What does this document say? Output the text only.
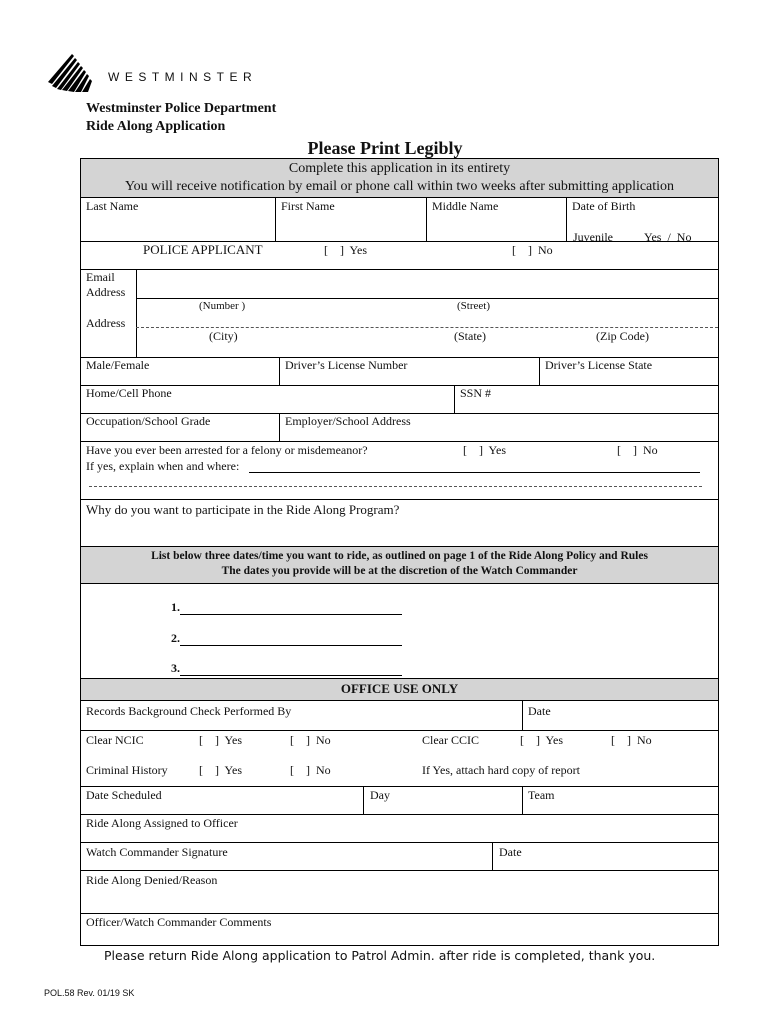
WESTMINSTER
Westminster Police Department
Ride Along Application
Please Print Legibly
Complete this application in its entirety
You will receive notification by email or phone call within two weeks after submitting application
Last Name	First Name	Middle Name	Date of Birth
Juvenile	Yes  /  No
POLICE APPLICANT	[    ]  Yes	[    ]  No
Email
Address
(Number )	(Street)
Address
(City)	(State)	(Zip Code)
Male/Female	Driver’s License Number	Driver’s License State
Home/Cell Phone	SSN #
Occupation/School Grade	Employer/School Address
Have you ever been arrested for a felony or misdemeanor?	[    ]  Yes	[    ]  No
If yes, explain when and where:
Why do you want to participate in the Ride Along Program?
List below three dates/time you want to ride, as outlined on page 1 of the Ride Along Policy and Rules
The dates you provide will be at the discretion of the Watch Commander
1.
2.
3.
OFFICE USE ONLY
Records Background Check Performed By	Date
Clear NCIC	[    ]  Yes	[    ]  No	Clear CCIC	[    ]  Yes	[    ]  No
Criminal History	[    ]  Yes	[    ]  No	If Yes, attach hard copy of report
Date Scheduled	Day	Team
Ride Along Assigned to Officer
Watch Commander Signature	Date
Ride Along Denied/Reason
Officer/Watch Commander Comments
Please return Ride Along application to Patrol Admin. after ride is completed, thank you.
POL.58 Rev. 01/19 SK
